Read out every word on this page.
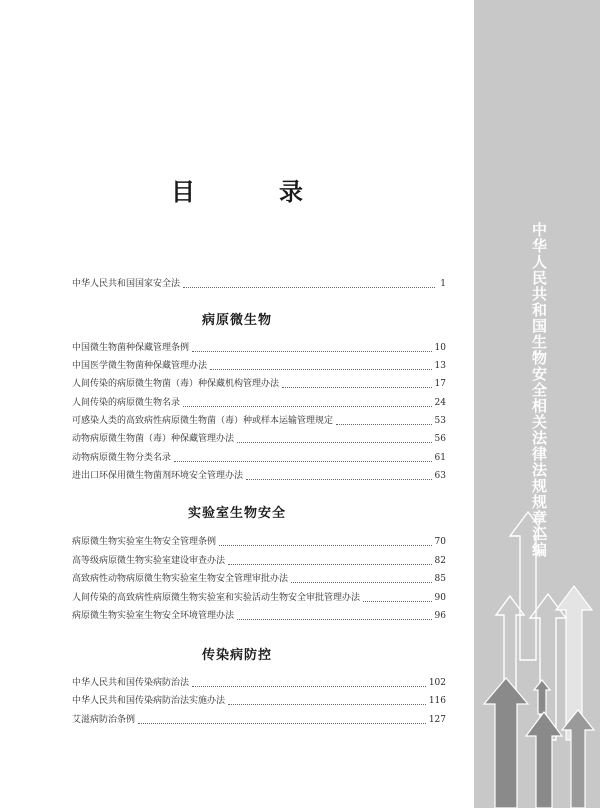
目　录
中华人民共和国国家安全法	1
病原微生物
中国微生物菌种保藏管理条例	10
中国医学微生物菌种保藏管理办法	13
人间传染的病原微生物菌（毒）种保藏机构管理办法	17
人间传染的病原微生物名录	24
可感染人类的高致病性病原微生物菌（毒）种或样本运输管理规定	53
动物病原微生物菌（毒）种保藏管理办法	56
动物病原微生物分类名录	61
进出口环保用微生物菌剂环境安全管理办法	63
实验室生物安全
病原微生物实验室生物安全管理条例	70
高等级病原微生物实验室建设审查办法	82
高致病性动物病原微生物实验室生物安全管理审批办法	85
人间传染的高致病性病原微生物实验室和实验活动生物安全审批管理办法	90
病原微生物实验室生物安全环境管理办法	96
传染病防控
中华人民共和国传染病防治法	102
中华人民共和国传染病防治法实施办法	116
艾滋病防治条例	127
中华人民共和国生物安全相关法律法规规章汇编
